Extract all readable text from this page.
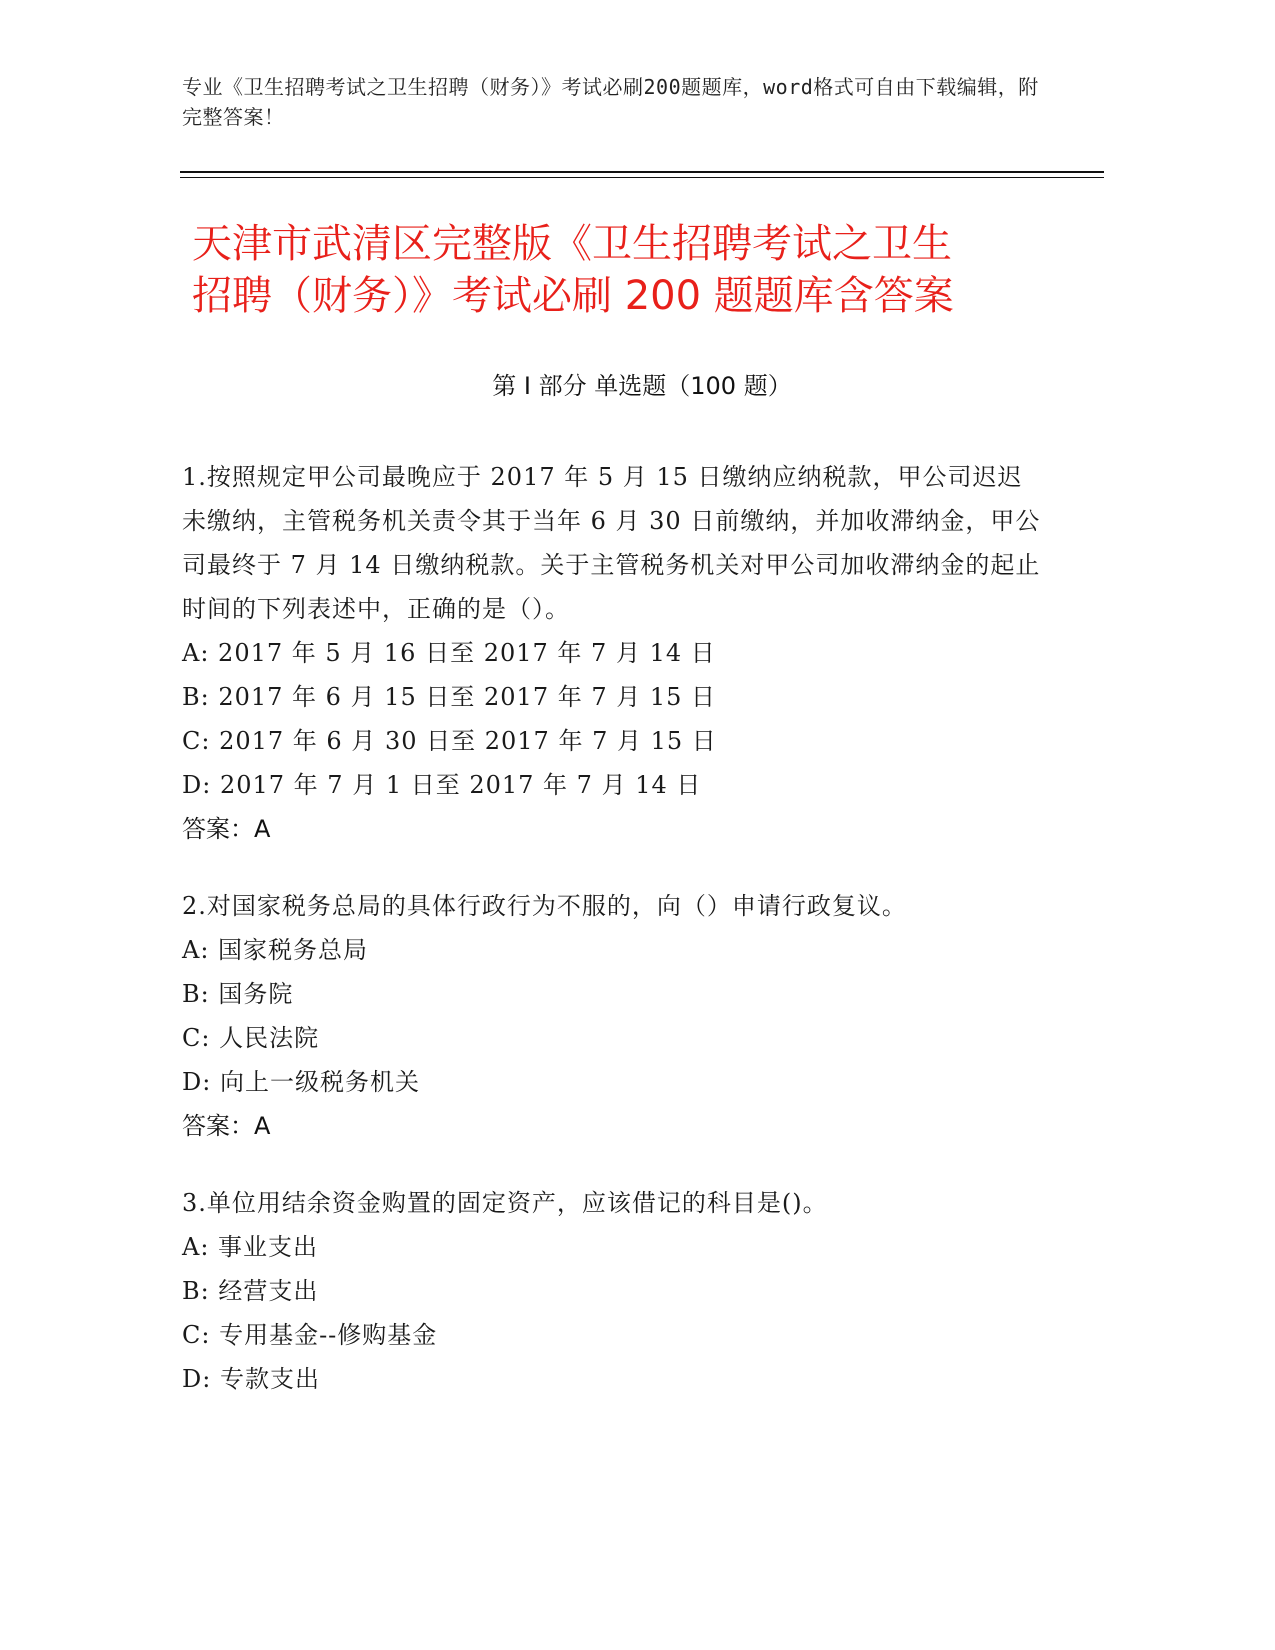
专业《卫生招聘考试之卫生招聘（财务）》考试必刷200题题库，word格式可自由下载编辑，附完整答案！
天津市武清区完整版《卫生招聘考试之卫生
招聘（财务）》考试必刷 200 题题库含答案
第 I 部分 单选题（100 题）

1.按照规定甲公司最晚应于 2017 年 5 月 15 日缴纳应纳税款，甲公司迟迟未缴纳，主管税务机关责令其于当年 6 月 30 日前缴纳，并加收滞纳金，甲公司最终于 7 月 14 日缴纳税款。关于主管税务机关对甲公司加收滞纳金的起止时间的下列表述中，正确的是（）。

A: 2017 年 5 月 16 日至 2017 年 7 月 14 日

B: 2017 年 6 月 15 日至 2017 年 7 月 15 日

C: 2017 年 6 月 30 日至 2017 年 7 月 15 日

D: 2017 年 7 月 1 日至 2017 年 7 月 14 日

答案：A

2.对国家税务总局的具体行政行为不服的，向（）申请行政复议。

A: 国家税务总局

B: 国务院

C: 人民法院

D: 向上一级税务机关

答案：A

3.单位用结余资金购置的固定资产，应该借记的科目是()。

A: 事业支出

B: 经营支出

C: 专用基金--修购基金

D: 专款支出
